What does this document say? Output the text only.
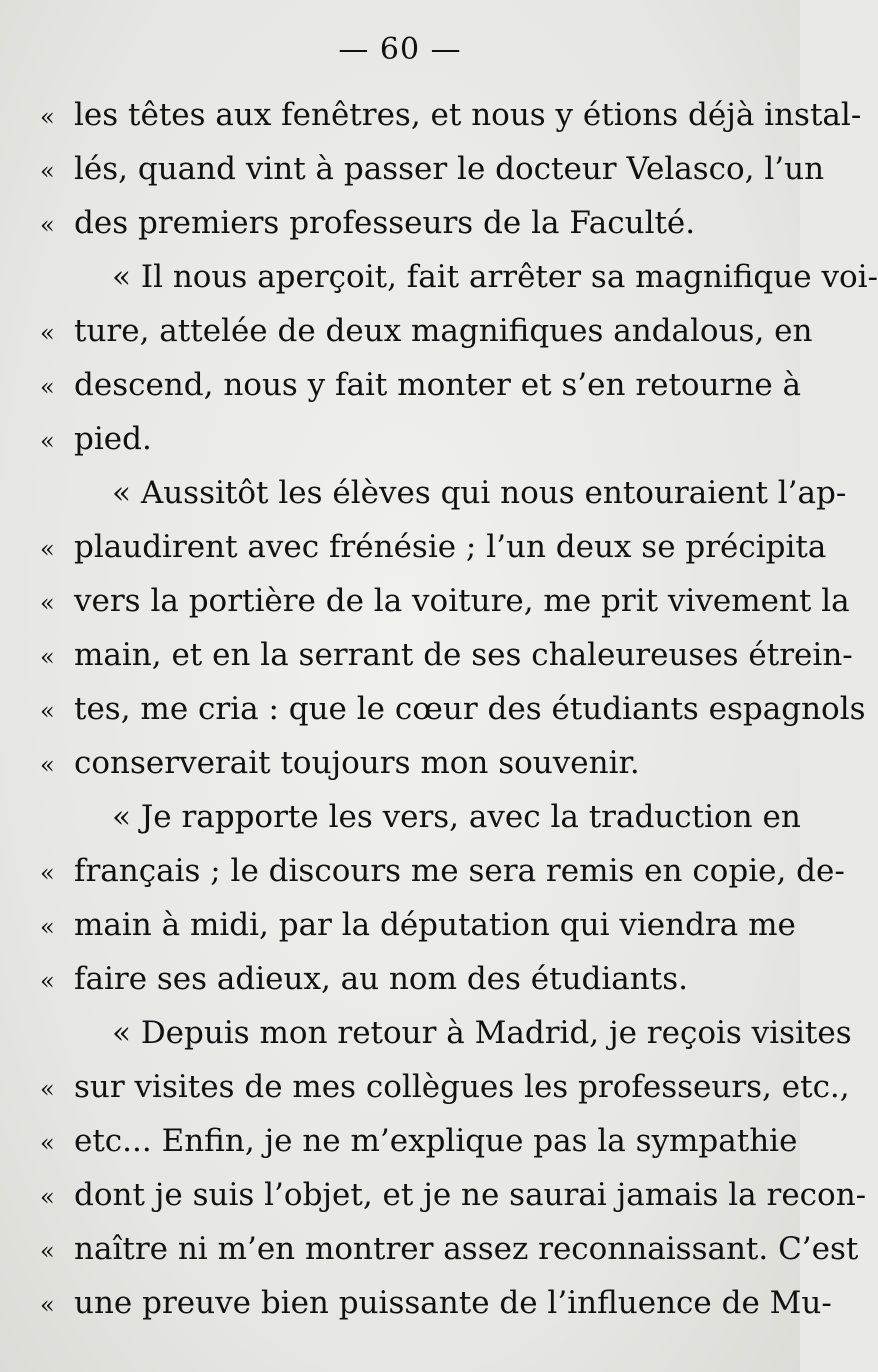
— 60 —
« les têtes aux fenêtres, et nous y étions déjà instal-
« lés, quand vint à passer le docteur Velasco, l’un
« des premiers professeurs de la Faculté.
« Il nous aperçoit, fait arrêter sa magnifique voi-
« ture, attelée de deux magnifiques andalous, en
« descend, nous y fait monter et s’en retourne à
« pied.
« Aussitôt les élèves qui nous entouraient l’ap-
« plaudirent avec frénésie ; l’un deux se précipita
« vers la portière de la voiture, me prit vivement la
« main, et en la serrant de ses chaleureuses étrein-
« tes, me cria : que le cœur des étudiants espagnols
« conserverait toujours mon souvenir.
« Je rapporte les vers, avec la traduction en
« français ; le discours me sera remis en copie, de-
« main à midi, par la députation qui viendra me
« faire ses adieux, au nom des étudiants.
« Depuis mon retour à Madrid, je reçois visites
« sur visites de mes collègues les professeurs, etc.,
« etc... Enfin, je ne m’explique pas la sympathie
« dont je suis l’objet, et je ne saurai jamais la recon-
« naître ni m’en montrer assez reconnaissant. C’est
« une preuve bien puissante de l’influence de Mu-
